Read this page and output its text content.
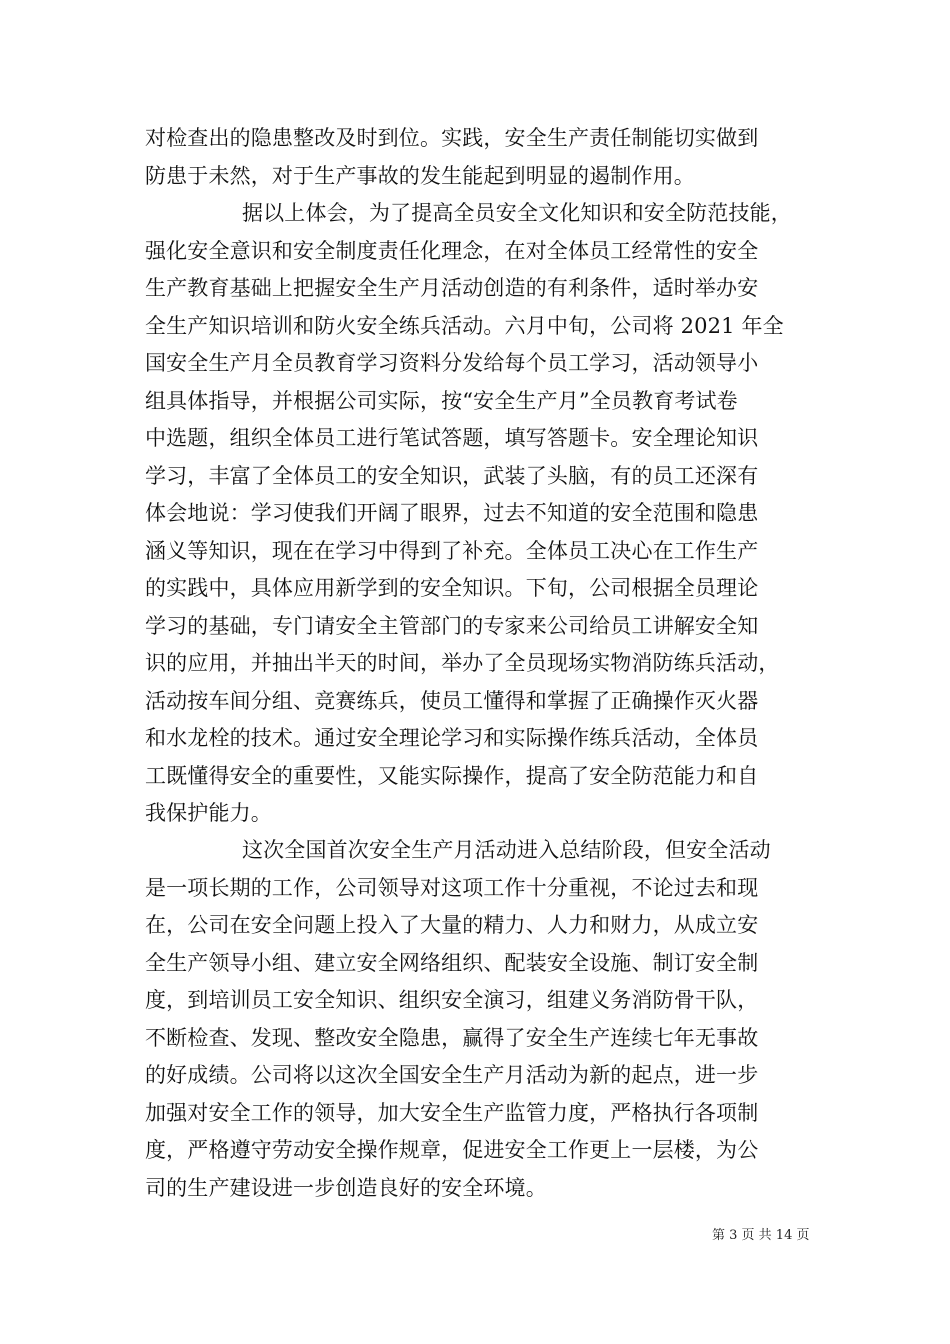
对检查出的隐患整改及时到位。实践，安全生产责任制能切实做到
防患于未然，对于生产事故的发生能起到明显的遏制作用。
据以上体会，为了提高全员安全文化知识和安全防范技能，
强化安全意识和安全制度责任化理念，在对全体员工经常性的安全
生产教育基础上把握安全生产月活动创造的有利条件，适时举办安
全生产知识培训和防火安全练兵活动。六月中旬，公司将 2021 年全
国安全生产月全员教育学习资料分发给每个员工学习，活动领导小
组具体指导，并根据公司实际，按“安全生产月”全员教育考试卷
中选题，组织全体员工进行笔试答题，填写答题卡。安全理论知识
学习，丰富了全体员工的安全知识，武装了头脑，有的员工还深有
体会地说：学习使我们开阔了眼界，过去不知道的安全范围和隐患
涵义等知识，现在在学习中得到了补充。全体员工决心在工作生产
的实践中，具体应用新学到的安全知识。下旬，公司根据全员理论
学习的基础，专门请安全主管部门的专家来公司给员工讲解安全知
识的应用，并抽出半天的时间，举办了全员现场实物消防练兵活动，
活动按车间分组、竞赛练兵，使员工懂得和掌握了正确操作灭火器
和水龙栓的技术。通过安全理论学习和实际操作练兵活动，全体员
工既懂得安全的重要性，又能实际操作，提高了安全防范能力和自
我保护能力。
这次全国首次安全生产月活动进入总结阶段，但安全活动
是一项长期的工作，公司领导对这项工作十分重视，不论过去和现
在，公司在安全问题上投入了大量的精力、人力和财力，从成立安
全生产领导小组、建立安全网络组织、配装安全设施、制订安全制
度，到培训员工安全知识、组织安全演习，组建义务消防骨干队，
不断检查、发现、整改安全隐患，赢得了安全生产连续七年无事故
的好成绩。公司将以这次全国安全生产月活动为新的起点，进一步
加强对安全工作的领导，加大安全生产监管力度，严格执行各项制
度，严格遵守劳动安全操作规章，促进安全工作更上一层楼，为公
司的生产建设进一步创造良好的安全环境。
第 3 页 共 14 页
